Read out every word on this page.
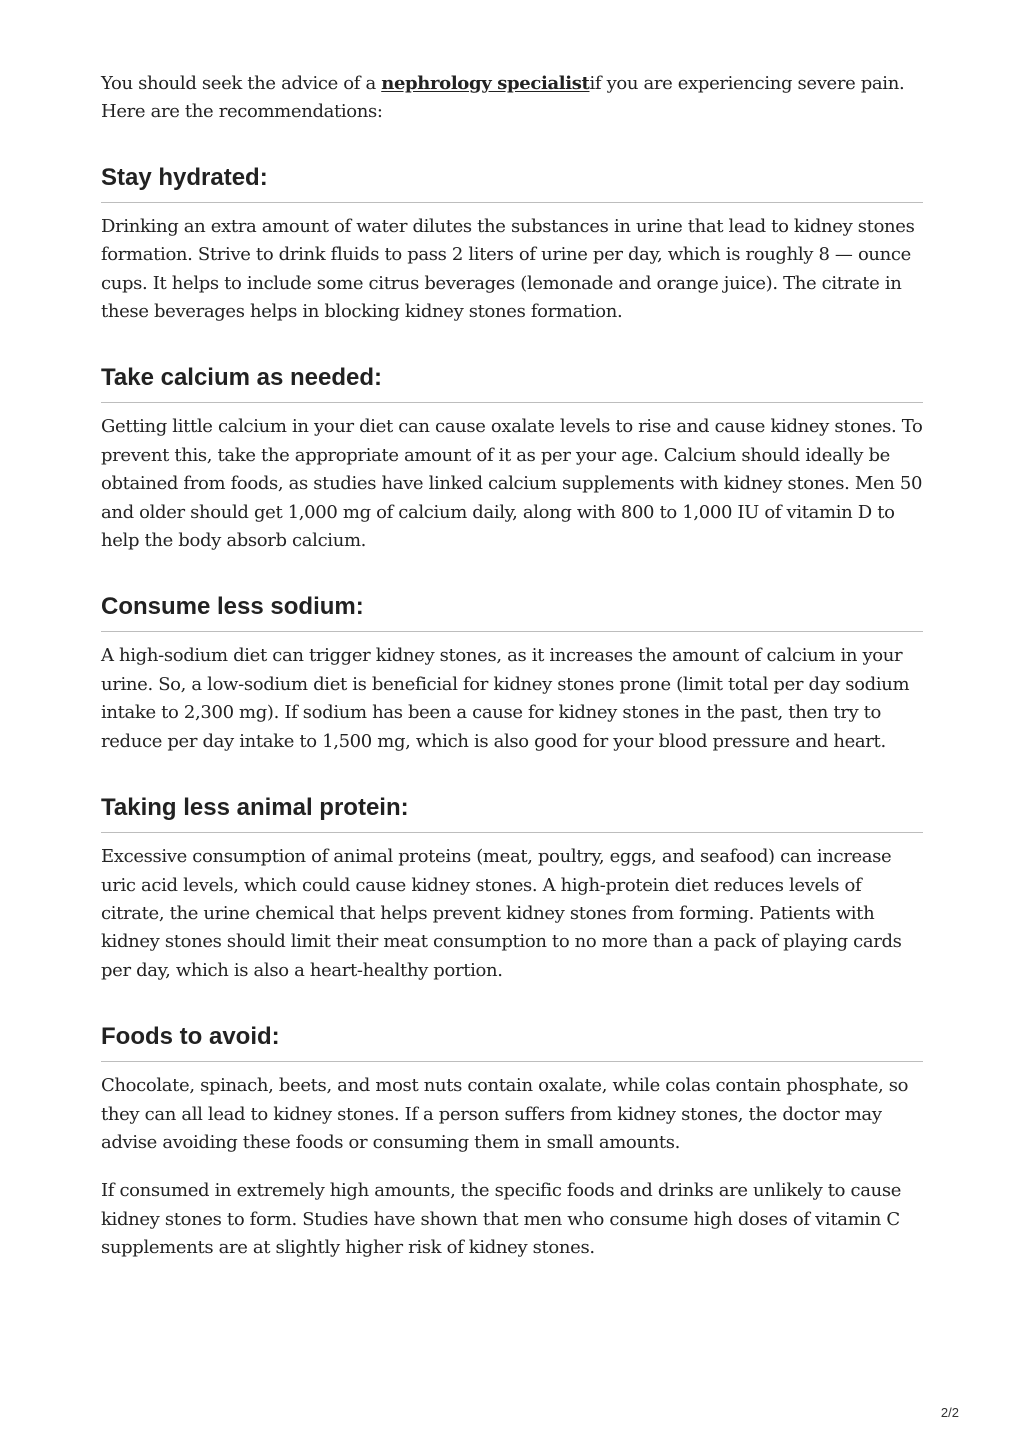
You should seek the advice of a nephrology specialistif you are experiencing severe pain. Here are the recommendations:

Stay hydrated:

Drinking an extra amount of water dilutes the substances in urine that lead to kidney stones formation. Strive to drink fluids to pass 2 liters of urine per day, which is roughly 8 — ounce cups. It helps to include some citrus beverages (lemonade and orange juice). The citrate in these beverages helps in blocking kidney stones formation.

Take calcium as needed:

Getting little calcium in your diet can cause oxalate levels to rise and cause kidney stones. To prevent this, take the appropriate amount of it as per your age. Calcium should ideally be obtained from foods, as studies have linked calcium supplements with kidney stones. Men 50 and older should get 1,000 mg of calcium daily, along with 800 to 1,000 IU of vitamin D to help the body absorb calcium.

Consume less sodium:

A high-sodium diet can trigger kidney stones, as it increases the amount of calcium in your urine. So, a low-sodium diet is beneficial for kidney stones prone (limit total per day sodium intake to 2,300 mg). If sodium has been a cause for kidney stones in the past, then try to reduce per day intake to 1,500 mg, which is also good for your blood pressure and heart.

Taking less animal protein:

Excessive consumption of animal proteins (meat, poultry, eggs, and seafood) can increase uric acid levels, which could cause kidney stones. A high-protein diet reduces levels of citrate, the urine chemical that helps prevent kidney stones from forming. Patients with kidney stones should limit their meat consumption to no more than a pack of playing cards per day, which is also a heart-healthy portion.

Foods to avoid:

Chocolate, spinach, beets, and most nuts contain oxalate, while colas contain phosphate, so they can all lead to kidney stones. If a person suffers from kidney stones, the doctor may advise avoiding these foods or consuming them in small amounts.

If consumed in extremely high amounts, the specific foods and drinks are unlikely to cause kidney stones to form. Studies have shown that men who consume high doses of vitamin C supplements are at slightly higher risk of kidney stones.

2/2
